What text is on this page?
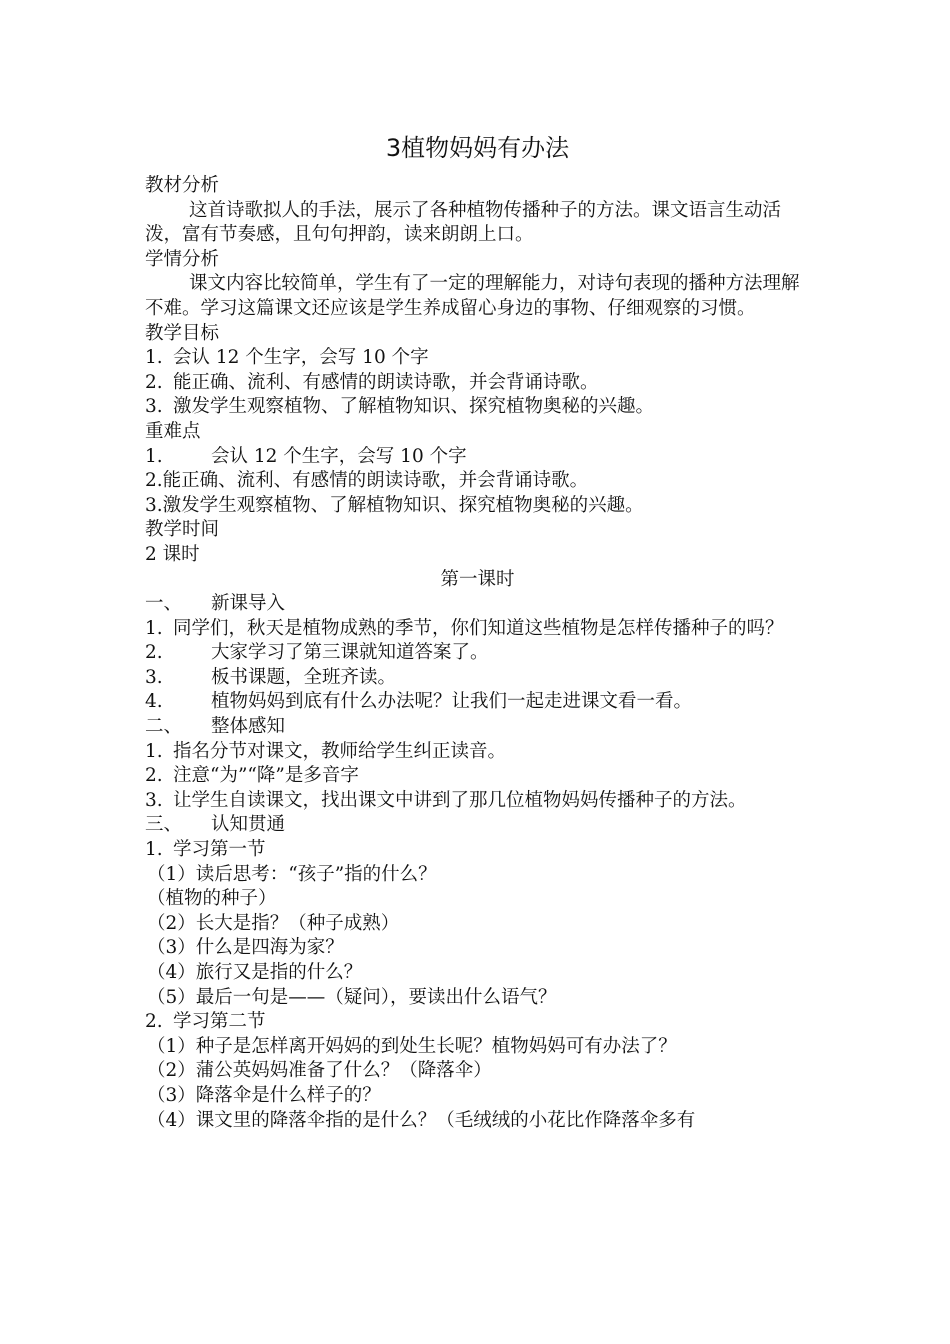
3植物妈妈有办法

教材分析

这首诗歌拟人的手法，展示了各种植物传播种子的方法。课文语言生动活泼，富有节奏感，且句句押韵，读来朗朗上口。

学情分析

课文内容比较简单，学生有了一定的理解能力，对诗句表现的播种方法理解不难。学习这篇课文还应该是学生养成留心身边的事物、仔细观察的习惯。

教学目标

1. 会认 12 个生字，会写 10 个字
2. 能正确、流利、有感情的朗读诗歌，并会背诵诗歌。
3. 激发学生观察植物、了解植物知识、探究植物奥秘的兴趣。

重难点

1.	会认 12 个生字，会写 10 个字

2.能正确、流利、有感情的朗读诗歌，并会背诵诗歌。

3.激发学生观察植物、了解植物知识、探究植物奥秘的兴趣。

教学时间

2 课时

第一课时

一、	新课导入
1. 同学们，秋天是植物成熟的季节，你们知道这些植物是怎样传播种子的吗？
2.	大家学习了第三课就知道答案了。
3.	板书课题，全班齐读。
4.	植物妈妈到底有什么办法呢？让我们一起走进课文看一看。
二、	整体感知
1. 指名分节对课文，教师给学生纠正读音。
2. 注意“为”“降”是多音字
3. 让学生自读课文，找出课文中讲到了那几位植物妈妈传播种子的方法。
三、	认知贯通
1. 学习第一节

（1）读后思考：“孩子”指的什么？

（植物的种子）

（2）长大是指？（种子成熟）

（3）什么是四海为家？

（4）旅行又是指的什么？

（5）最后一句是——（疑问），要读出什么语气？

2. 学习第二节

（1）种子是怎样离开妈妈的到处生长呢？植物妈妈可有办法了？

（2）蒲公英妈妈准备了什么？（降落伞）

（3）降落伞是什么样子的？

（4）课文里的降落伞指的是什么？（毛绒绒的小花比作降落伞多有
